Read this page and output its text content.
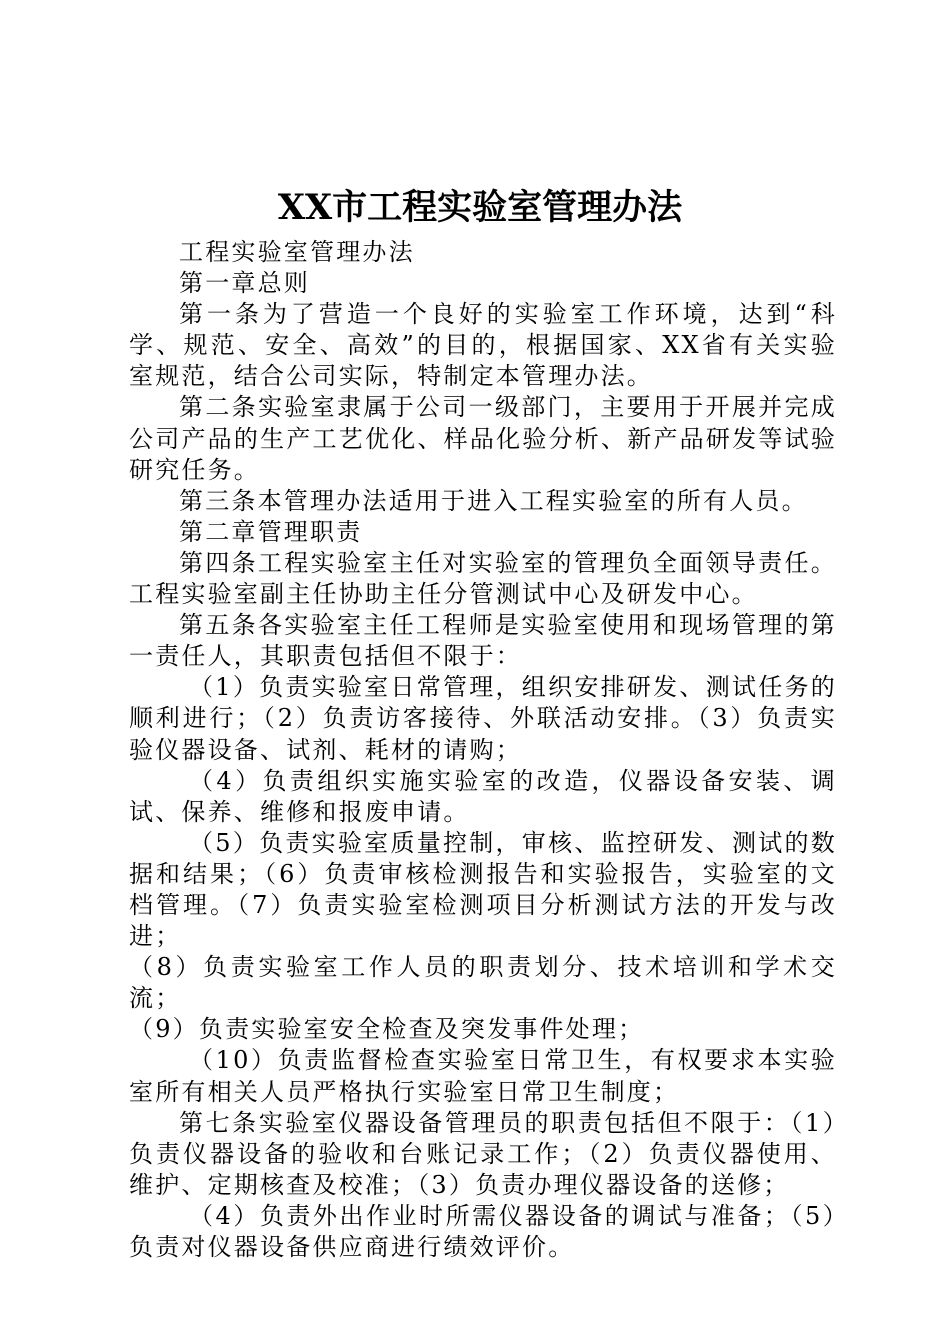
XX市工程实验室管理办法

工程实验室管理办法

第一章总则

第一条为了营造一个良好的实验室工作环境，达到“科学、规范、安全、高效”的目的，根据国家、XX省有关实验室规范，结合公司实际，特制定本管理办法。

第二条实验室隶属于公司一级部门，主要用于开展并完成公司产品的生产工艺优化、样品化验分析、新产品研发等试验研究任务。

第三条本管理办法适用于进入工程实验室的所有人员。

第二章管理职责

第四条工程实验室主任对实验室的管理负全面领导责任。工程实验室副主任协助主任分管测试中心及研发中心。

第五条各实验室主任工程师是实验室使用和现场管理的第一责任人，其职责包括但不限于：

（1）负责实验室日常管理，组织安排研发、测试任务的顺利进行；（2）负责访客接待、外联活动安排。（3）负责实验仪器设备、试剂、耗材的请购；

（4）负责组织实施实验室的改造，仪器设备安装、调试、保养、维修和报废申请。

（5）负责实验室质量控制，审核、监控研发、测试的数据和结果；（6）负责审核检测报告和实验报告，实验室的文档管理。（7）负责实验室检测项目分析测试方法的开发与改进；

（8）负责实验室工作人员的职责划分、技术培训和学术交流；

（9）负责实验室安全检查及突发事件处理；

（10）负责监督检查实验室日常卫生，有权要求本实验室所有相关人员严格执行实验室日常卫生制度；

第七条实验室仪器设备管理员的职责包括但不限于：（1）负责仪器设备的验收和台账记录工作；（2）负责仪器使用、维护、定期核查及校准；（3）负责办理仪器设备的送修；

（4）负责外出作业时所需仪器设备的调试与准备；（5）负责对仪器设备供应商进行绩效评价。
